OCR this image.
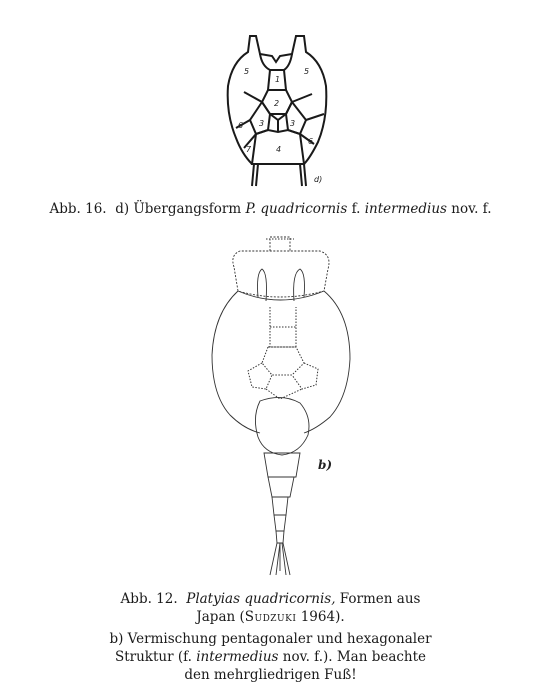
5
1
5
2
6 3	3
7	4
6
d)
Abb. 16. d) Übergangsform P. quadricornis f. intermedius nov. f.
b)
Abb. 12. Platyias quadricornis, Formen aus
Japan (Sudzuki 1964).
b) Vermischung pentagonaler und hexagonaler
Struktur (f. intermedius nov. f.). Man beachte
den mehrgliedrigen Fuß!
